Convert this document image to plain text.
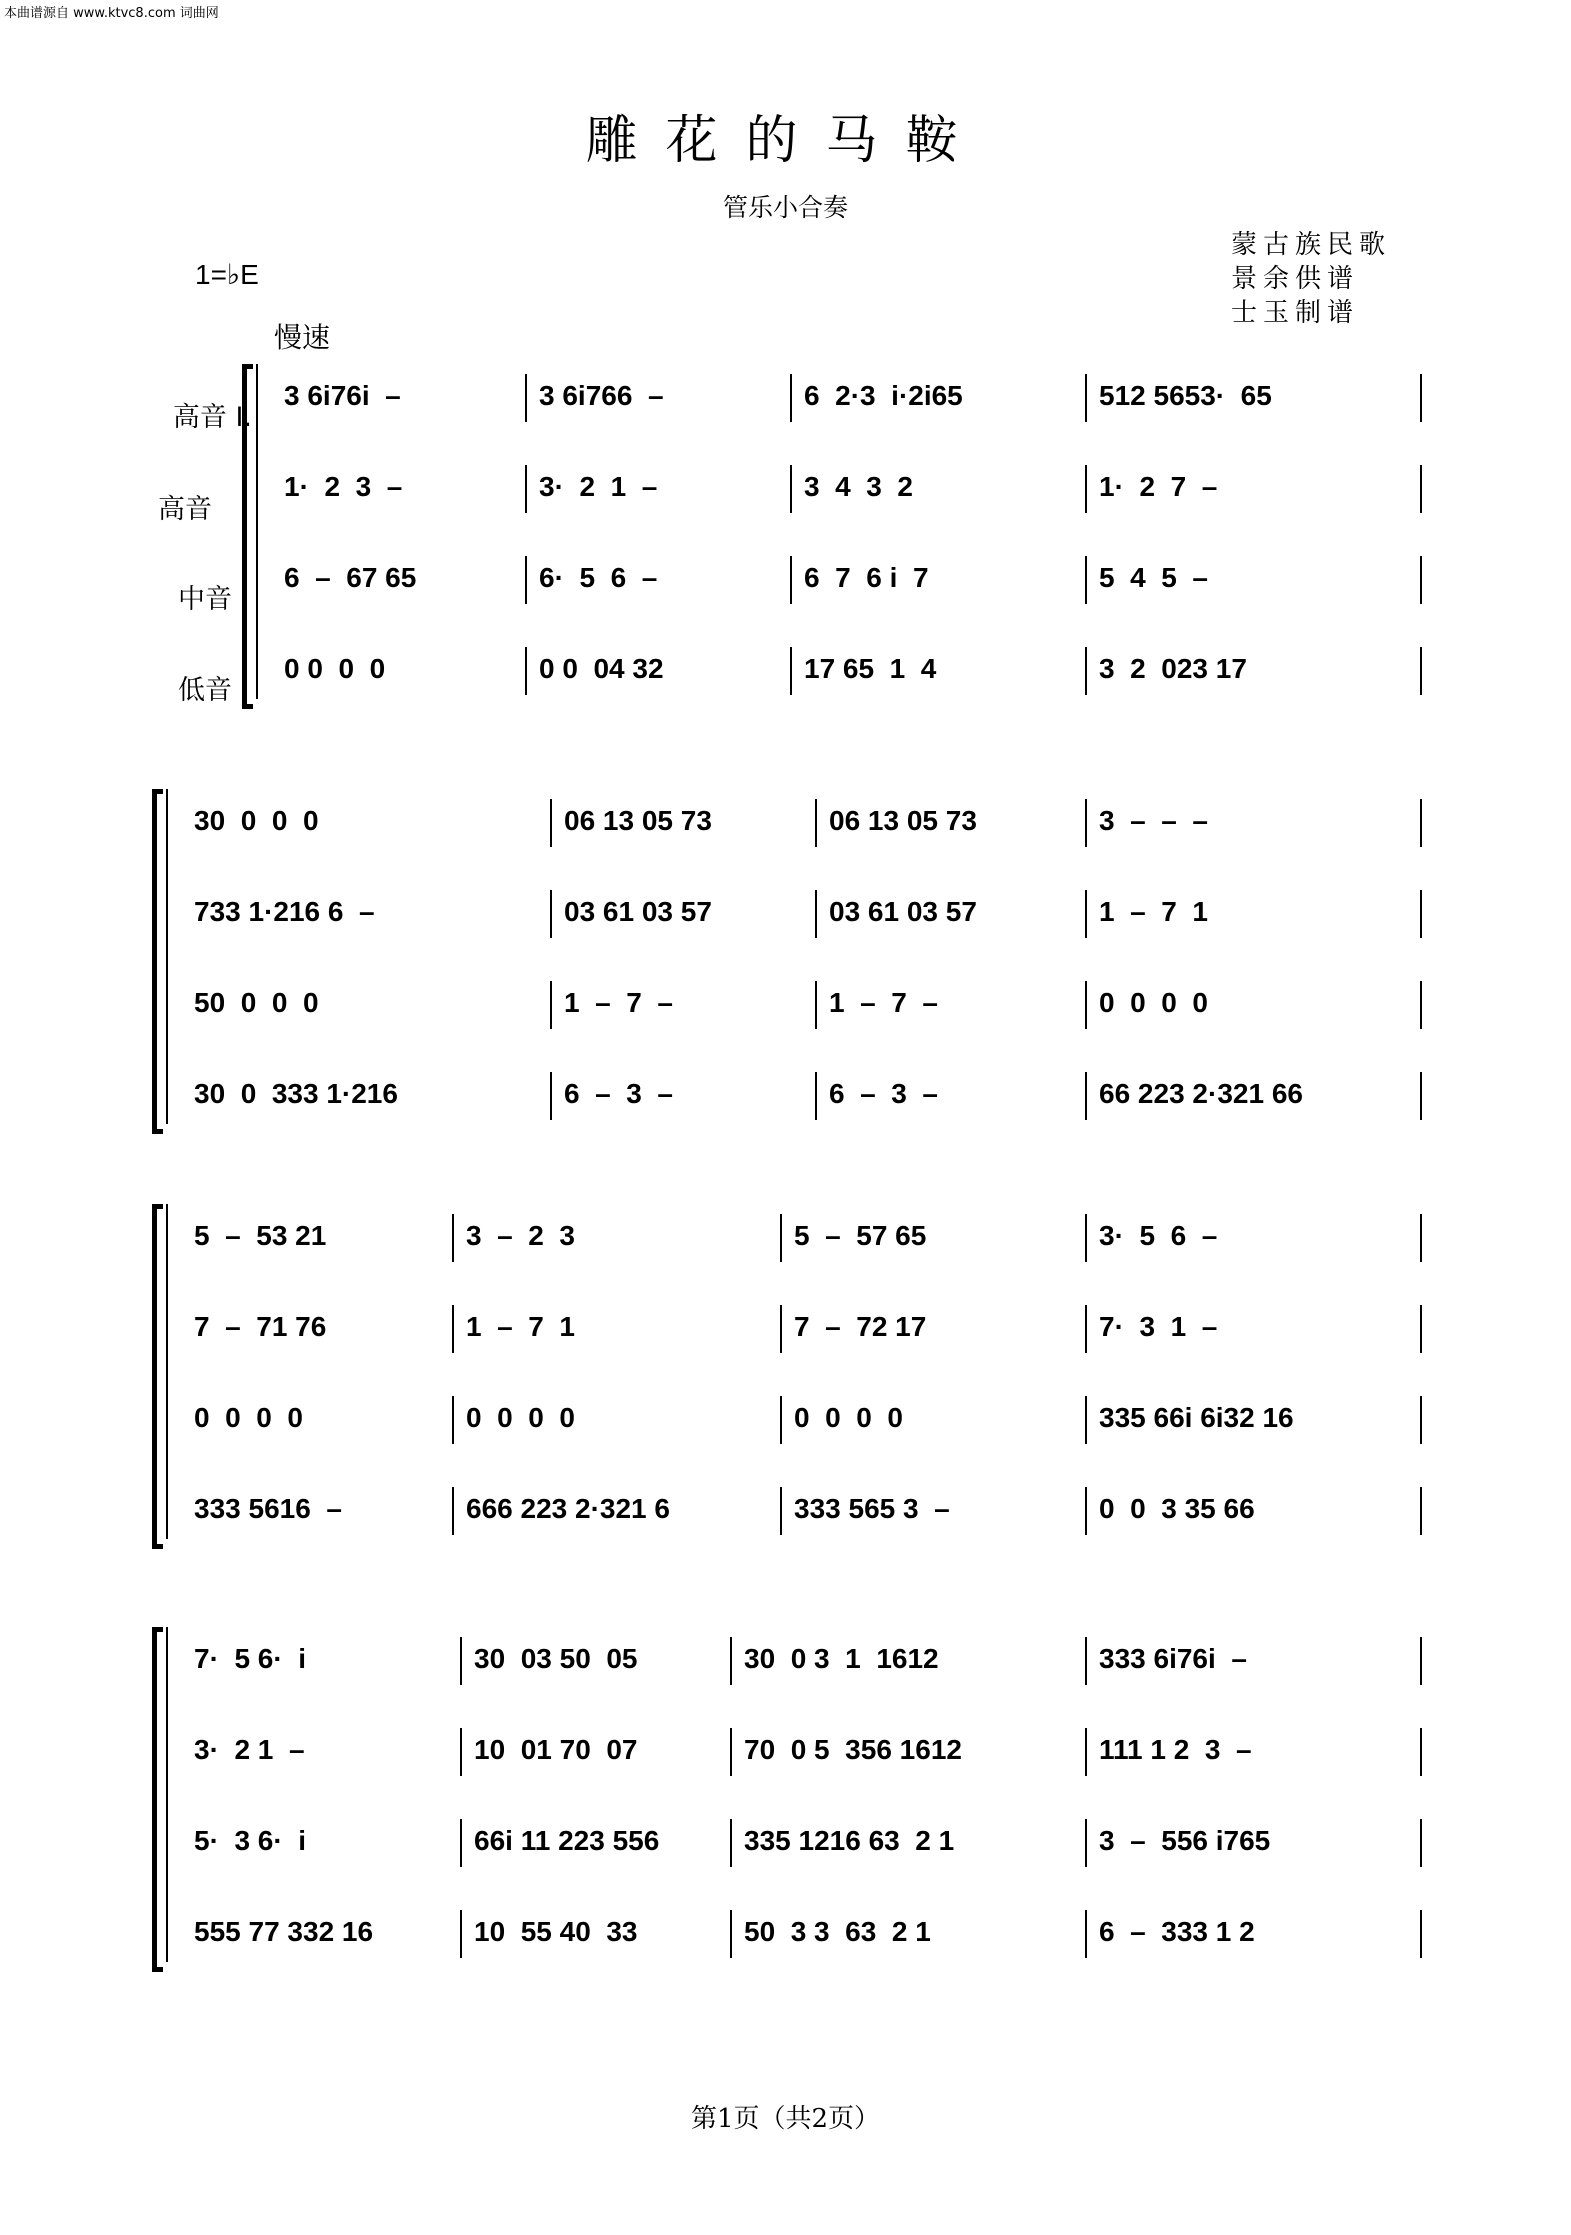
本曲谱源自 www.ktvc8.com 词曲网
雕花的马鞍
管乐小合奏
蒙古族民歌
景余供谱
士玉制谱
1=♭E
慢速
高音 I.
高音
中音
低音
3 6i76i  –	3 6i766  –	6  2·3  i·2i65	512 5653·  65
1·  2  3  –	3·  2  1  –	3  4  3  2	1·  2  7  –
6  –  67 65	6·  5  6  –	6  7  6 i  7	5  4  5  –
0 0  0  0	0 0  04 32	17 65  1  4	3  2  023 17
30  0  0  0	06 13 05 73	06 13 05 73	3  –  –  –
733 1·216 6  –	03 61 03 57	03 61 03 57	1  –  7  1
50  0  0  0	1  –  7  –	1  –  7  –	0  0  0  0
30  0  333 1·216	6  –  3  –	6  –  3  –	66 223 2·321 66
5  –  53 21	3  –  2  3	5  –  57 65	3·  5  6  –
7  –  71 76	1  –  7  1	7  –  72 17	7·  3  1  –
0  0  0  0	0  0  0  0	0  0  0  0	335 66i 6i32 16
333 5616  –	666 223 2·321 6	333 565 3  –	0  0  3 35 66
7·  5 6·  i	30  03 50  05	30  0 3  1  1612	333 6i76i  –
3·  2 1  –	10  01 70  07	70  0 5  356 1612	111 1 2  3  –
5·  3 6·  i	66i 11 223 556	335 1216 63  2 1	3  –  556 i765
555 77 332 16	10  55 40  33	50  3 3  63  2 1	6  –  333 1 2
第1页（共2页）
